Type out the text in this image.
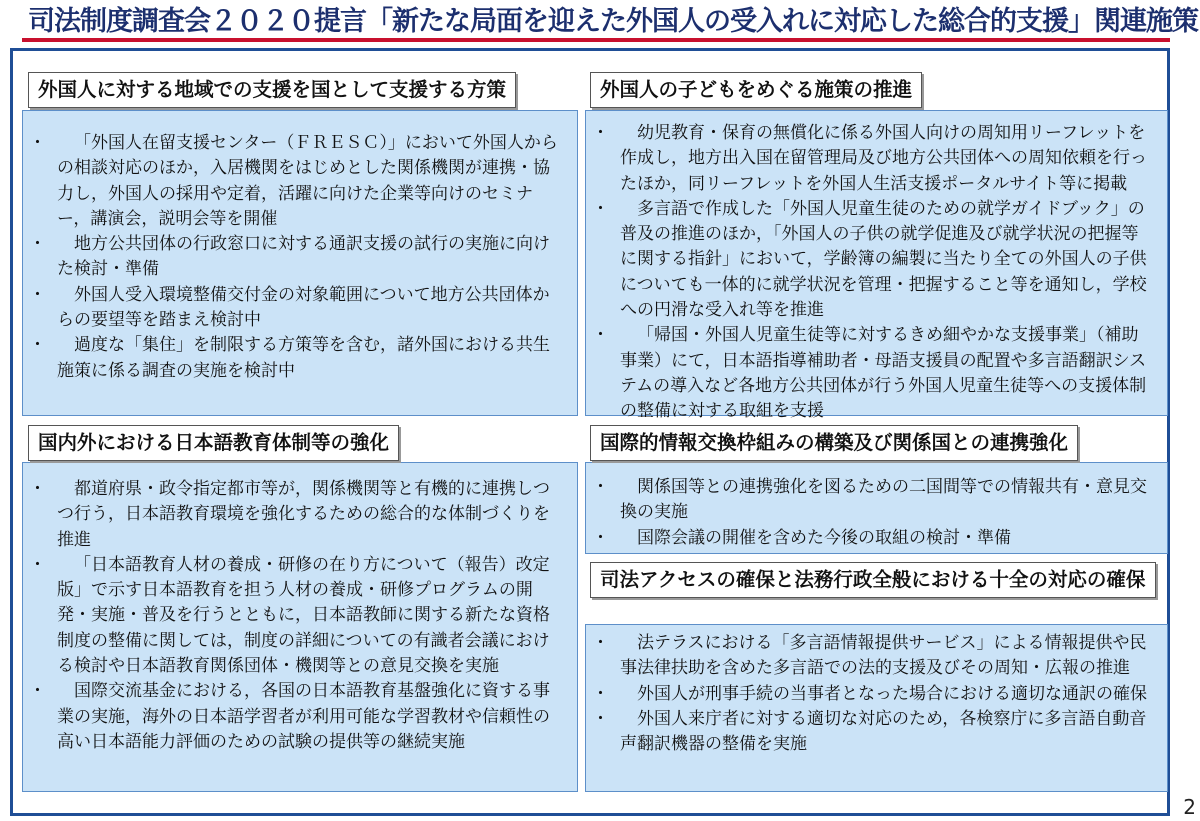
司法制度調査会２０２０提言「新たな局面を迎えた外国人の受入れに対応した総合的支援」関連施策
外国人に対する地域での支援を国として支援する方策
・	「外国人在留支援センター（ＦＲＥＳＣ）」において外国人からの相談対応のほか，入居機関をはじめとした関係機関が連携・協力し，外国人の採用や定着，活躍に向けた企業等向けのセミナー，講演会，説明会等を開催
・	地方公共団体の行政窓口に対する通訳支援の試行の実施に向けた検討・準備
・	外国人受入環境整備交付金の対象範囲について地方公共団体からの要望等を踏まえ検討中
・	過度な「集住」を制限する方策等を含む，諸外国における共生施策に係る調査の実施を検討中
外国人の子どもをめぐる施策の推進
・	幼児教育・保育の無償化に係る外国人向けの周知用リーフレットを作成し，地方出入国在留管理局及び地方公共団体への周知依頼を行ったほか，同リーフレットを外国人生活支援ポータルサイト等に掲載
・	多言語で作成した「外国人児童生徒のための就学ガイドブック」の普及の推進のほか，「外国人の子供の就学促進及び就学状況の把握等に関する指針」において，学齢簿の編製に当たり全ての外国人の子供についても一体的に就学状況を管理・把握すること等を通知し，学校への円滑な受入れ等を推進
・	「帰国・外国人児童生徒等に対するきめ細やかな支援事業」（補助事業）にて，日本語指導補助者・母語支援員の配置や多言語翻訳システムの導入など各地方公共団体が行う外国人児童生徒等への支援体制の整備に対する取組を支援
国内外における日本語教育体制等の強化
・	都道府県・政令指定都市等が，関係機関等と有機的に連携しつつ行う，日本語教育環境を強化するための総合的な体制づくりを推進
・	「日本語教育人材の養成・研修の在り方について（報告）改定版」で示す日本語教育を担う人材の養成・研修プログラムの開発・実施・普及を行うとともに，日本語教師に関する新たな資格制度の整備に関しては，制度の詳細についての有識者会議における検討や日本語教育関係団体・機関等との意見交換を実施
・	国際交流基金における，各国の日本語教育基盤強化に資する事業の実施，海外の日本語学習者が利用可能な学習教材や信頼性の高い日本語能力評価のための試験の提供等の継続実施
国際的情報交換枠組みの構築及び関係国との連携強化
・	関係国等との連携強化を図るための二国間等での情報共有・意見交換の実施
・	国際会議の開催を含めた今後の取組の検討・準備
司法アクセスの確保と法務行政全般における十全の対応の確保
・	法テラスにおける「多言語情報提供サービス」による情報提供や民事法律扶助を含めた多言語での法的支援及びその周知・広報の推進
・	外国人が刑事手続の当事者となった場合における適切な通訳の確保
・	外国人来庁者に対する適切な対応のため，各検察庁に多言語自動音声翻訳機器の整備を実施
2
